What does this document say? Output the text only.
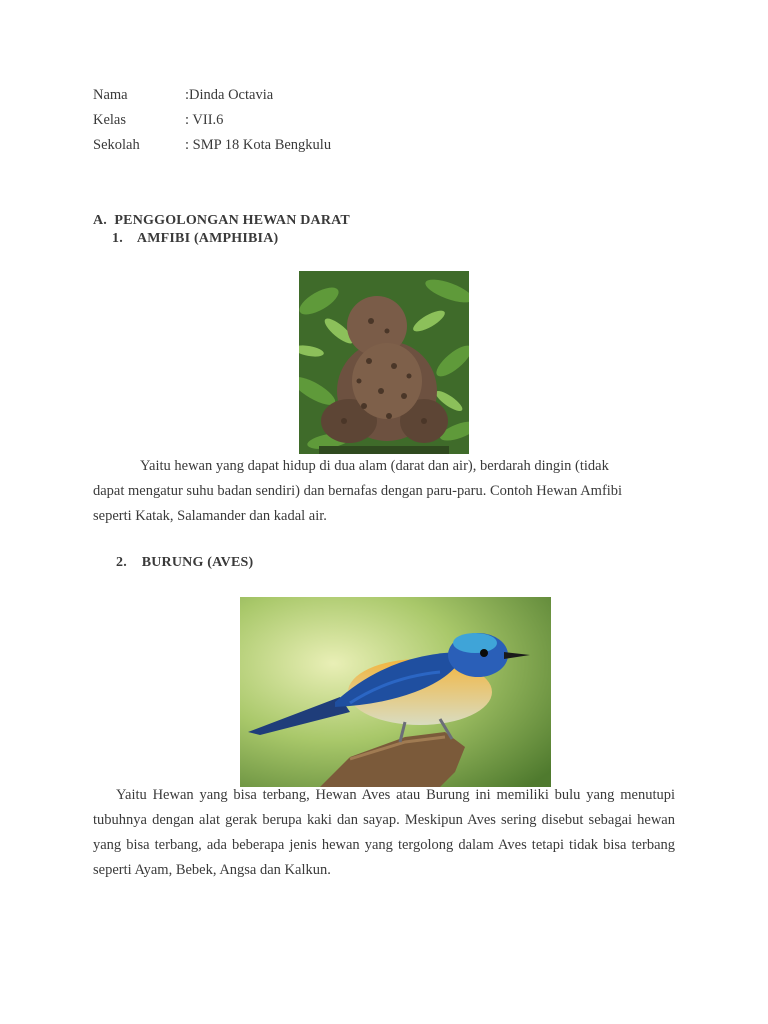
Nama	:Dinda Octavia
Kelas	: VII.6
Sekolah	: SMP 18 Kota Bengkulu
A.  PENGGOLONGAN HEWAN DARAT
1.    AMFIBI (AMPHIBIA)
Yaitu hewan yang dapat hidup di dua alam (darat dan air), berdarah dingin (tidak
dapat mengatur suhu badan sendiri) dan bernafas dengan paru-paru. Contoh Hewan Amfibi
seperti Katak, Salamander dan kadal air.
2.    BURUNG (AVES)
Yaitu Hewan yang bisa terbang, Hewan Aves atau Burung ini memiliki bulu yang menutupi tubuhnya dengan alat gerak berupa kaki dan sayap. Meskipun Aves sering disebut sebagai hewan yang bisa terbang, ada beberapa jenis hewan yang tergolong dalam Aves tetapi tidak bisa terbang seperti Ayam, Bebek, Angsa dan Kalkun.
